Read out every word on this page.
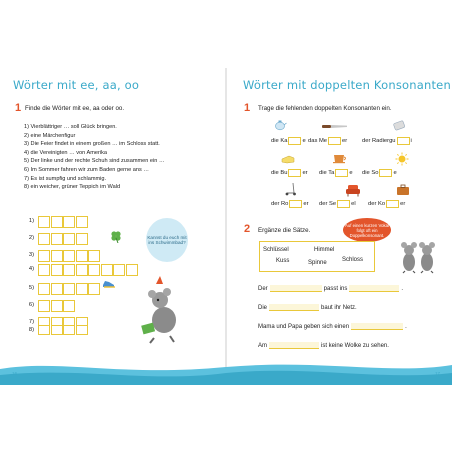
Wörter mit ee, aa, oo
1 Finde die Wörter mit ee, aa oder oo.
1) Vierblättriger … soll Glück bringen.
2) eine Märchenfigur
3) Die Feier findet in einem großen … im Schloss statt.
4) die Vereinigten … von Amerika
5) Der linke und der rechte Schuh sind zusammen ein …
6) Im Sommer fahren wir zum Baden gerne ans …
7) Es ist sumpfig und schlammig.
8) ein weicher, grüner Teppich im Wald
1)
2)
3)
4)
5)
6)
7)
8)
Kannst du euch mit ins Schwimmbad?
16
Wörter mit doppelten Konsonanten
1 Trage die fehlenden doppelten Konsonanten ein.
die Ka	e das Me	er	der Radiergu	i
die Bu	er die Ta	e die So	e
der Ro	er der Se	el der Ko	er
2 Ergänze die Sätze.
Auf einen kurzen Vokal folgt oft ein Doppelkonsonant.
Schlüssel	Himmel
Kuss	Spinne	Schloss
Der	passt ins	.
Die	baut ihr Netz.
Mama und Papa geben sich einen	.
Am	ist keine Wolke zu sehen.
17
